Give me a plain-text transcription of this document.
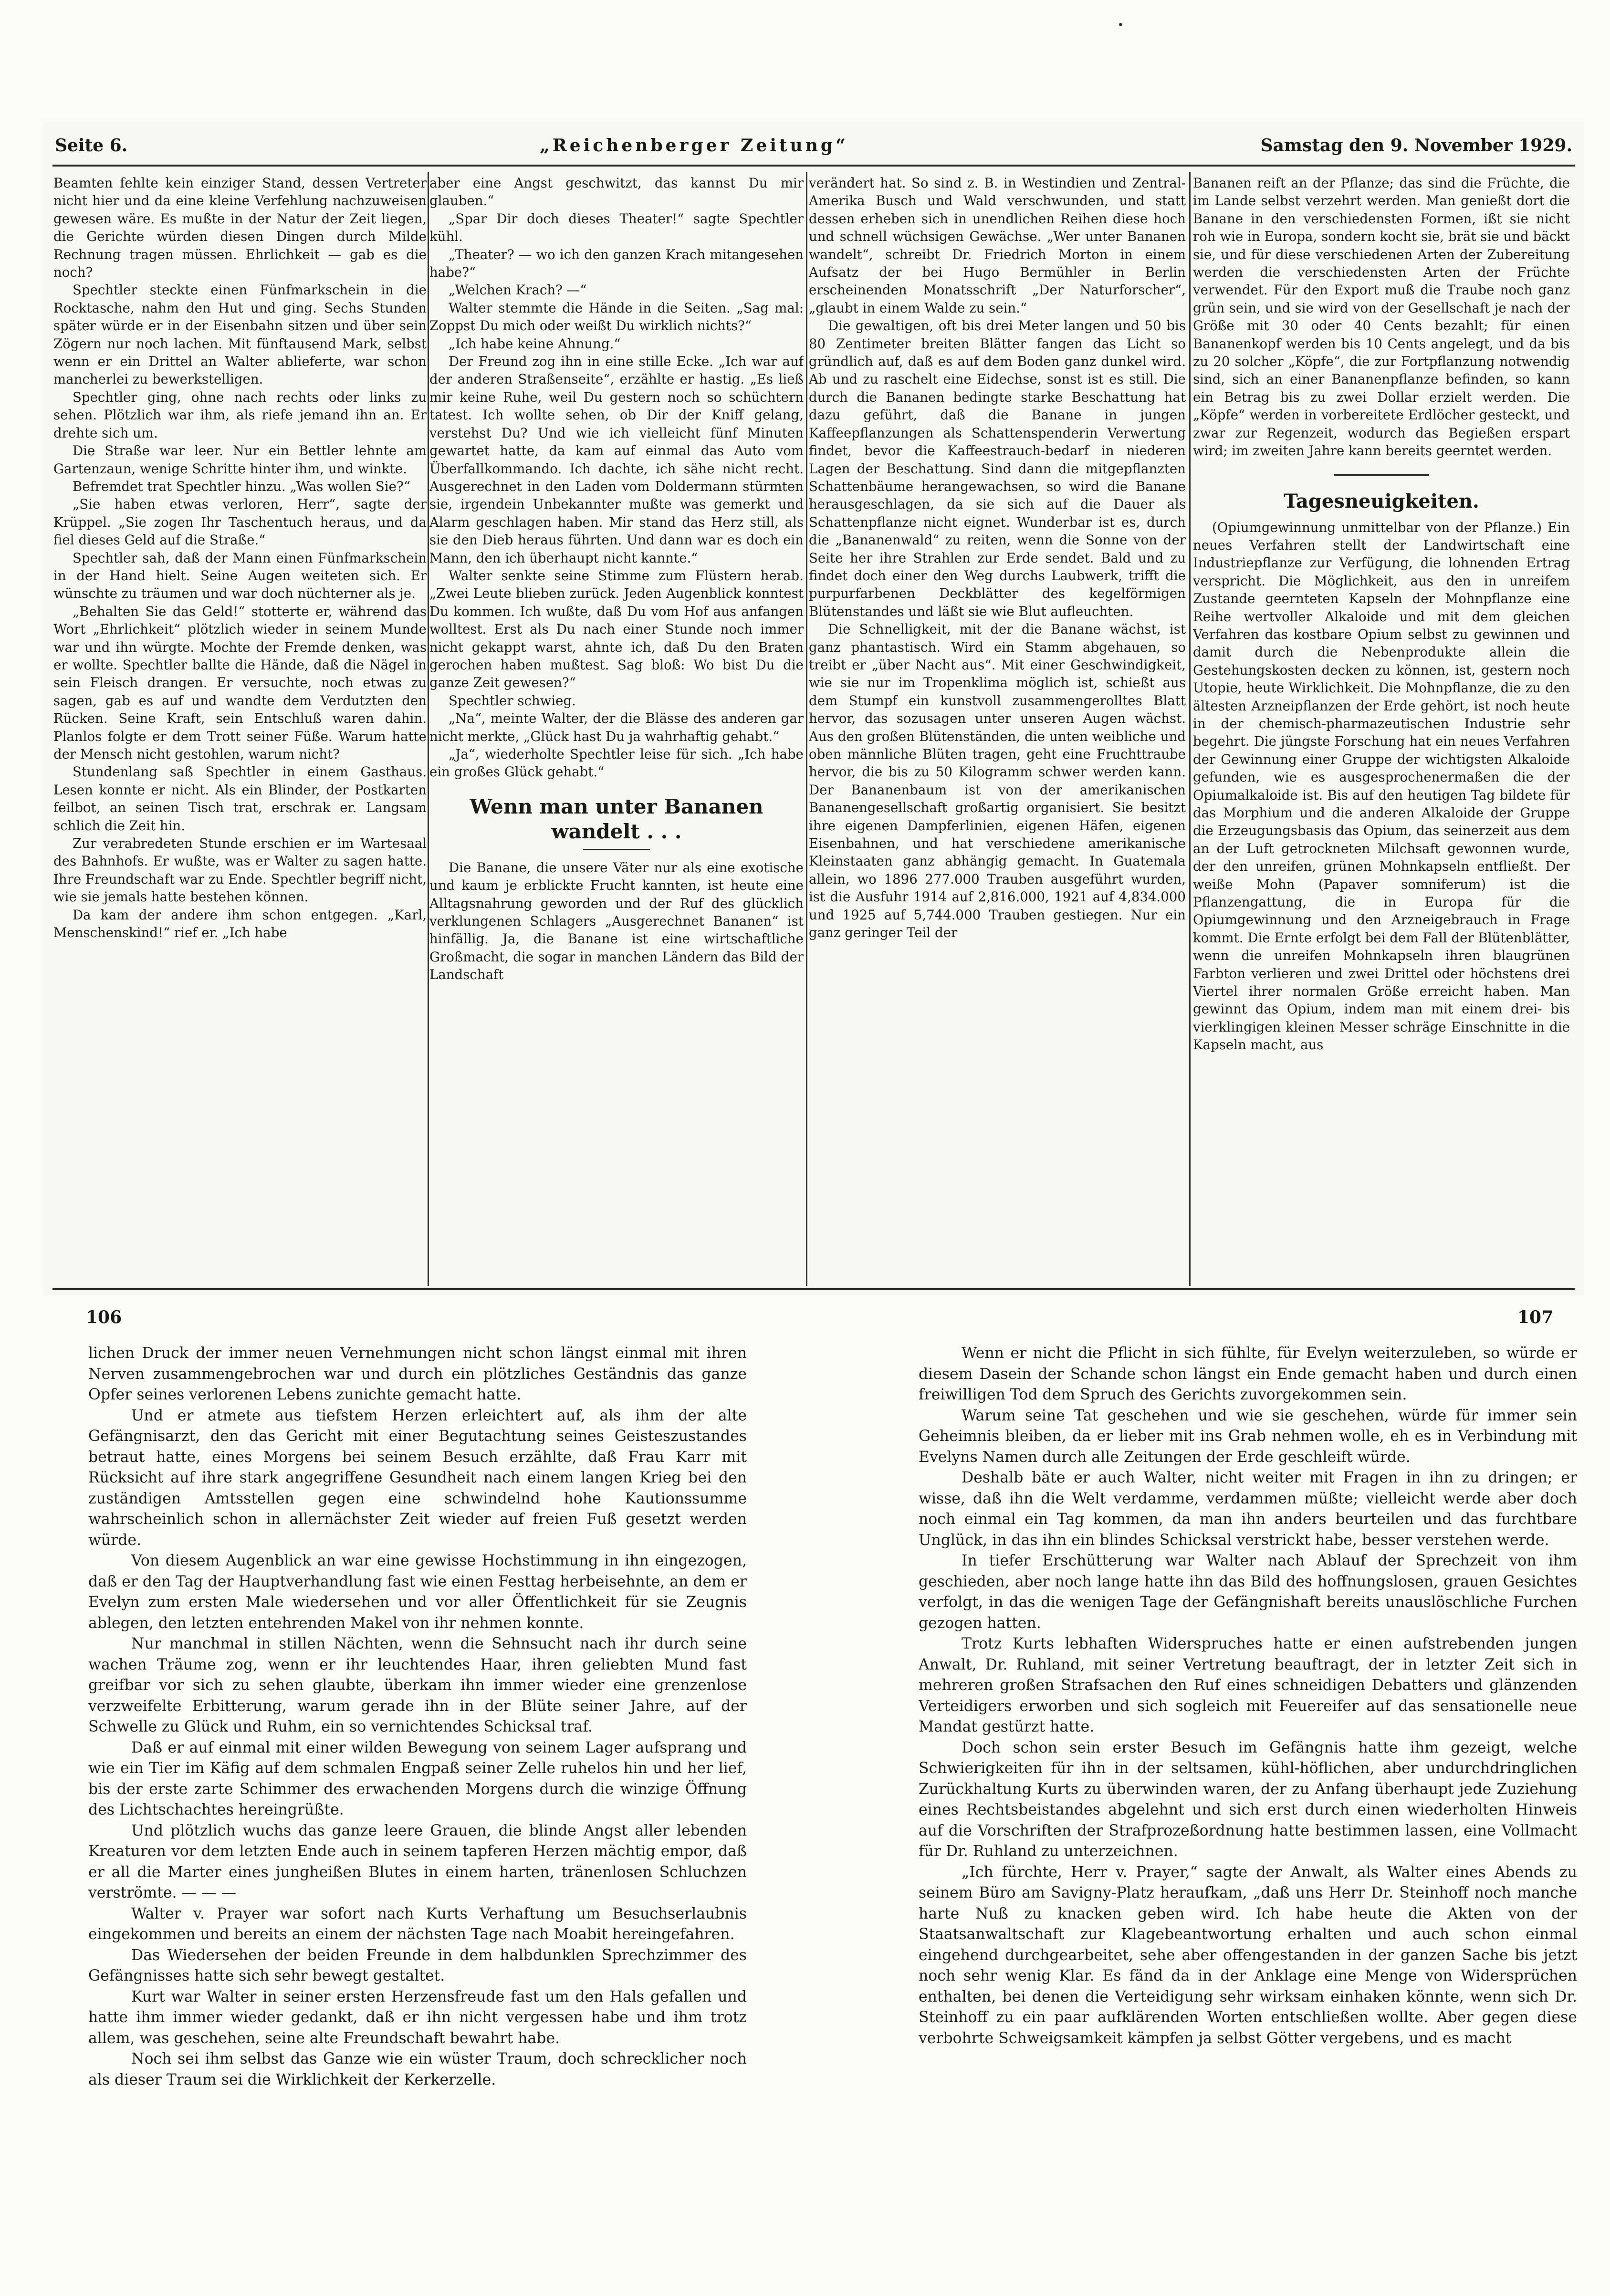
Seite 6.	„Reichenberger Zeitung“	Samstag den 9. November 1929.

Beamten fehlte kein einziger Stand, dessen Vertreter nicht hier und da eine kleine Verfehlung nachzuweisen gewesen wäre. Es mußte in der Natur der Zeit liegen, die Gerichte würden diesen Dingen durch Milde Rechnung tragen müssen. Ehrlichkeit — gab es die noch?

Spechtler steckte einen Fünfmarkschein in die Rocktasche, nahm den Hut und ging. Sechs Stunden später würde er in der Eisenbahn sitzen und über sein Zögern nur noch lachen. Mit fünftausend Mark, selbst wenn er ein Drittel an Walter ablieferte, war schon mancherlei zu bewerkstelligen.

Spechtler ging, ohne nach rechts oder links zu sehen. Plötzlich war ihm, als riefe jemand ihn an. Er drehte sich um.

Die Straße war leer. Nur ein Bettler lehnte am Gartenzaun, wenige Schritte hinter ihm, und winkte.

Befremdet trat Spechtler hinzu. „Was wollen Sie?“

„Sie haben etwas verloren, Herr“, sagte der Krüppel. „Sie zogen Ihr Taschentuch heraus, und da fiel dieses Geld auf die Straße.“

Spechtler sah, daß der Mann einen Fünfmarkschein in der Hand hielt. Seine Augen weiteten sich. Er wünschte zu träumen und war doch nüchterner als je.

„Behalten Sie das Geld!“ stotterte er, während das Wort „Ehrlichkeit“ plötzlich wieder in seinem Munde war und ihn würgte. Mochte der Fremde denken, was er wollte. Spechtler ballte die Hände, daß die Nägel in sein Fleisch drangen. Er versuchte, noch etwas zu sagen, gab es auf und wandte dem Verdutzten den Rücken. Seine Kraft, sein Entschluß waren dahin. Planlos folgte er dem Trott seiner Füße. Warum hatte der Mensch nicht gestohlen, warum nicht?

Stundenlang saß Spechtler in einem Gasthaus. Lesen konnte er nicht. Als ein Blinder, der Postkarten feilbot, an seinen Tisch trat, erschrak er. Langsam schlich die Zeit hin.

Zur verabredeten Stunde erschien er im Wartesaal des Bahnhofs. Er wußte, was er Walter zu sagen hatte. Ihre Freundschaft war zu Ende. Spechtler begriff nicht, wie sie jemals hatte bestehen können.

Da kam der andere ihm schon entgegen. „Karl, Menschenskind!“ rief er. „Ich habe

aber eine Angst geschwitzt, das kannst Du mir glauben.“

„Spar Dir doch dieses Theater!“ sagte Spechtler kühl.

„Theater? — wo ich den ganzen Krach mitangesehen habe?“

„Welchen Krach? —“

Walter stemmte die Hände in die Seiten. „Sag mal: Zoppst Du mich oder weißt Du wirklich nichts?“

„Ich habe keine Ahnung.“

Der Freund zog ihn in eine stille Ecke. „Ich war auf der anderen Straßenseite“, erzählte er hastig. „Es ließ mir keine Ruhe, weil Du gestern noch so schüchtern tatest. Ich wollte sehen, ob Dir der Kniff gelang, verstehst Du? Und wie ich vielleicht fünf Minuten gewartet hatte, da kam auf einmal das Auto vom Überfallkommando. Ich dachte, ich sähe nicht recht. Ausgerechnet in den Laden vom Doldermann stürmten sie, irgendein Unbekannter mußte was gemerkt und Alarm geschlagen haben. Mir stand das Herz still, als sie den Dieb heraus führten. Und dann war es doch ein Mann, den ich überhaupt nicht kannte.“

Walter senkte seine Stimme zum Flüstern herab. „Zwei Leute blieben zurück. Jeden Augenblick konntest Du kommen. Ich wußte, daß Du vom Hof aus anfangen wolltest. Erst als Du nach einer Stunde noch immer nicht gekappt warst, ahnte ich, daß Du den Braten gerochen haben mußtest. Sag bloß: Wo bist Du die ganze Zeit gewesen?“

Spechtler schwieg.

„Na“, meinte Walter, der die Blässe des anderen gar nicht merkte, „Glück hast Du ja wahrhaftig gehabt.“

„Ja“, wiederholte Spechtler leise für sich. „Ich habe ein großes Glück gehabt.“

Wenn man unter Bananen wandelt . . .

Die Banane, die unsere Väter nur als eine exotische und kaum je erblickte Frucht kannten, ist heute eine Alltagsnahrung geworden und der Ruf des glücklich verklungenen Schlagers „Ausgerechnet Bananen“ ist hinfällig. Ja, die Banane ist eine wirtschaftliche Großmacht, die sogar in manchen Ländern das Bild der Landschaft

verändert hat. So sind z. B. in Westindien und Zentral-Amerika Busch und Wald verschwunden, und statt dessen erheben sich in unendlichen Reihen diese hoch und schnell wüchsigen Gewächse. „Wer unter Bananen wandelt“, schreibt Dr. Friedrich Morton in einem Aufsatz der bei Hugo Bermühler in Berlin erscheinenden Monatsschrift „Der Naturforscher“, „glaubt in einem Walde zu sein.“

Die gewaltigen, oft bis drei Meter langen und 50 bis 80 Zentimeter breiten Blätter fangen das Licht so gründlich auf, daß es auf dem Boden ganz dunkel wird. Ab und zu raschelt eine Eidechse, sonst ist es still. Die durch die Bananen bedingte starke Beschattung hat dazu geführt, daß die Banane in jungen Kaffeepflanzungen als Schattenspenderin Verwertung findet, bevor die Kaffeestrauch-bedarf in niederen Lagen der Beschattung. Sind dann die mitgepflanzten Schattenbäume herangewachsen, so wird die Banane herausgeschlagen, da sie sich auf die Dauer als Schattenpflanze nicht eignet. Wunderbar ist es, durch die „Bananenwald“ zu reiten, wenn die Sonne von der Seite her ihre Strahlen zur Erde sendet. Bald und zu findet doch einer den Weg durchs Laubwerk, trifft die purpurfarbenen Deckblätter des kegelförmigen Blütenstandes und läßt sie wie Blut aufleuchten.

Die Schnelligkeit, mit der die Banane wächst, ist ganz phantastisch. Wird ein Stamm abgehauen, so treibt er „über Nacht aus“. Mit einer Geschwindigkeit, wie sie nur im Tropenklima möglich ist, schießt aus dem Stumpf ein kunstvoll zusammengerolltes Blatt hervor, das sozusagen unter unseren Augen wächst. Aus den großen Blütenständen, die unten weibliche und oben männliche Blüten tragen, geht eine Fruchttraube hervor, die bis zu 50 Kilogramm schwer werden kann. Der Bananenbaum ist von der amerikanischen Bananengesellschaft großartig organisiert. Sie besitzt ihre eigenen Dampferlinien, eigenen Häfen, eigenen Eisenbahnen, und hat verschiedene amerikanische Kleinstaaten ganz abhängig gemacht. In Guatemala allein, wo 1896 277.000 Trauben ausgeführt wurden, ist die Ausfuhr 1914 auf 2,816.000, 1921 auf 4,834.000 und 1925 auf 5,744.000 Trauben gestiegen. Nur ein ganz geringer Teil der

Bananen reift an der Pflanze; das sind die Früchte, die im Lande selbst verzehrt werden. Man genießt dort die Banane in den verschiedensten Formen, ißt sie nicht roh wie in Europa, sondern kocht sie, brät sie und bäckt sie, und für diese verschiedenen Arten der Zubereitung werden die verschiedensten Arten der Früchte verwendet. Für den Export muß die Traube noch ganz grün sein, und sie wird von der Gesellschaft je nach der Größe mit 30 oder 40 Cents bezahlt; für einen Bananenkopf werden bis 10 Cents angelegt, und da bis zu 20 solcher „Köpfe“, die zur Fortpflanzung notwendig sind, sich an einer Bananenpflanze befinden, so kann ein Betrag bis zu zwei Dollar erzielt werden. Die „Köpfe“ werden in vorbereitete Erdlöcher gesteckt, und zwar zur Regenzeit, wodurch das Begießen erspart wird; im zweiten Jahre kann bereits geerntet werden.

Tagesneuigkeiten.

(Opiumgewinnung unmittelbar von der Pflanze.) Ein neues Verfahren stellt der Landwirtschaft eine Industriepflanze zur Verfügung, die lohnenden Ertrag verspricht. Die Möglichkeit, aus den in unreifem Zustande geernteten Kapseln der Mohnpflanze eine Reihe wertvoller Alkaloide und mit dem gleichen Verfahren das kostbare Opium selbst zu gewinnen und damit durch die Nebenprodukte allein die Gestehungskosten decken zu können, ist, gestern noch Utopie, heute Wirklichkeit. Die Mohnpflanze, die zu den ältesten Arzneipflanzen der Erde gehört, ist noch heute in der chemisch-pharmazeutischen Industrie sehr begehrt. Die jüngste Forschung hat ein neues Verfahren der Gewinnung einer Gruppe der wichtigsten Alkaloide gefunden, wie es ausgesprochenermaßen die der Opiumalkaloide ist. Bis auf den heutigen Tag bildete für das Morphium und die anderen Alkaloide der Gruppe die Erzeugungsbasis das Opium, das seinerzeit aus dem an der Luft getrockneten Milchsaft gewonnen wurde, der den unreifen, grünen Mohnkapseln entfließt. Der weiße Mohn (Papaver somniferum) ist die Pflanzengattung, die in Europa für die Opiumgewinnung und den Arzneigebrauch in Frage kommt. Die Ernte erfolgt bei dem Fall der Blütenblätter, wenn die unreifen Mohnkapseln ihren blaugrünen Farbton verlieren und zwei Drittel oder höchstens drei Viertel ihrer normalen Größe erreicht haben. Man gewinnt das Opium, indem man mit einem drei- bis vierklingigen kleinen Messer schräge Einschnitte in die Kapseln macht, aus

106	107

lichen Druck der immer neuen Vernehmungen nicht schon längst einmal mit ihren Nerven zusammengebrochen war und durch ein plötzliches Geständnis das ganze Opfer seines verlorenen Lebens zunichte gemacht hatte.

Und er atmete aus tiefstem Herzen erleichtert auf, als ihm der alte Gefängnisarzt, den das Gericht mit einer Begutachtung seines Geisteszustandes betraut hatte, eines Morgens bei seinem Besuch erzählte, daß Frau Karr mit Rücksicht auf ihre stark angegriffene Gesundheit nach einem langen Krieg bei den zuständigen Amtsstellen gegen eine schwindelnd hohe Kautionssumme wahrscheinlich schon in allernächster Zeit wieder auf freien Fuß gesetzt werden würde.

Von diesem Augenblick an war eine gewisse Hochstimmung in ihn eingezogen, daß er den Tag der Hauptverhandlung fast wie einen Festtag herbeisehnte, an dem er Evelyn zum ersten Male wiedersehen und vor aller Öffentlichkeit für sie Zeugnis ablegen, den letzten entehrenden Makel von ihr nehmen konnte.

Nur manchmal in stillen Nächten, wenn die Sehnsucht nach ihr durch seine wachen Träume zog, wenn er ihr leuchtendes Haar, ihren geliebten Mund fast greifbar vor sich zu sehen glaubte, überkam ihn immer wieder eine grenzenlose verzweifelte Erbitterung, warum gerade ihn in der Blüte seiner Jahre, auf der Schwelle zu Glück und Ruhm, ein so vernichtendes Schicksal traf.

Daß er auf einmal mit einer wilden Bewegung von seinem Lager aufsprang und wie ein Tier im Käfig auf dem schmalen Engpaß seiner Zelle ruhelos hin und her lief, bis der erste zarte Schimmer des erwachenden Morgens durch die winzige Öffnung des Lichtschachtes hereingrüßte.

Und plötzlich wuchs das ganze leere Grauen, die blinde Angst aller lebenden Kreaturen vor dem letzten Ende auch in seinem tapferen Herzen mächtig empor, daß er all die Marter eines jungheißen Blutes in einem harten, tränenlosen Schluchzen verströmte. — — —

Walter v. Prayer war sofort nach Kurts Verhaftung um Besuchserlaubnis eingekommen und bereits an einem der nächsten Tage nach Moabit hereingefahren.

Das Wiedersehen der beiden Freunde in dem halbdunklen Sprechzimmer des Gefängnisses hatte sich sehr bewegt gestaltet.

Kurt war Walter in seiner ersten Herzensfreude fast um den Hals gefallen und hatte ihm immer wieder gedankt, daß er ihn nicht vergessen habe und ihm trotz allem, was geschehen, seine alte Freundschaft bewahrt habe.

Noch sei ihm selbst das Ganze wie ein wüster Traum, doch schrecklicher noch als dieser Traum sei die Wirklichkeit der Kerkerzelle.

Wenn er nicht die Pflicht in sich fühlte, für Evelyn weiterzuleben, so würde er diesem Dasein der Schande schon längst ein Ende gemacht haben und durch einen freiwilligen Tod dem Spruch des Gerichts zuvorgekommen sein.

Warum seine Tat geschehen und wie sie geschehen, würde für immer sein Geheimnis bleiben, da er lieber mit ins Grab nehmen wolle, eh es in Verbindung mit Evelyns Namen durch alle Zeitungen der Erde geschleift würde.

Deshalb bäte er auch Walter, nicht weiter mit Fragen in ihn zu dringen; er wisse, daß ihn die Welt verdamme, verdammen müßte; vielleicht werde aber doch noch einmal ein Tag kommen, da man ihn anders beurteilen und das furchtbare Unglück, in das ihn ein blindes Schicksal verstrickt habe, besser verstehen werde.

In tiefer Erschütterung war Walter nach Ablauf der Sprechzeit von ihm geschieden, aber noch lange hatte ihn das Bild des hoffnungslosen, grauen Gesichtes verfolgt, in das die wenigen Tage der Gefängnishaft bereits unauslöschliche Furchen gezogen hatten.

Trotz Kurts lebhaften Widerspruches hatte er einen aufstrebenden jungen Anwalt, Dr. Ruhland, mit seiner Vertretung beauftragt, der in letzter Zeit sich in mehreren großen Strafsachen den Ruf eines schneidigen Debatters und glänzenden Verteidigers erworben und sich sogleich mit Feuereifer auf das sensationelle neue Mandat gestürzt hatte.

Doch schon sein erster Besuch im Gefängnis hatte ihm gezeigt, welche Schwierigkeiten für ihn in der seltsamen, kühl-höflichen, aber undurchdringlichen Zurückhaltung Kurts zu überwinden waren, der zu Anfang überhaupt jede Zuziehung eines Rechtsbeistandes abgelehnt und sich erst durch einen wiederholten Hinweis auf die Vorschriften der Strafprozeßordnung hatte bestimmen lassen, eine Vollmacht für Dr. Ruhland zu unterzeichnen.

„Ich fürchte, Herr v. Prayer,“ sagte der Anwalt, als Walter eines Abends zu seinem Büro am Savigny-Platz heraufkam, „daß uns Herr Dr. Steinhoff noch manche harte Nuß zu knacken geben wird. Ich habe heute die Akten von der Staatsanwaltschaft zur Klagebeantwortung erhalten und auch schon einmal eingehend durchgearbeitet, sehe aber offengestanden in der ganzen Sache bis jetzt noch sehr wenig Klar. Es fänd da in der Anklage eine Menge von Widersprüchen enthalten, bei denen die Verteidigung sehr wirksam einhaken könnte, wenn sich Dr. Steinhoff zu ein paar aufklärenden Worten entschließen wollte. Aber gegen diese verbohrte Schweigsamkeit kämpfen ja selbst Götter vergebens, und es macht
